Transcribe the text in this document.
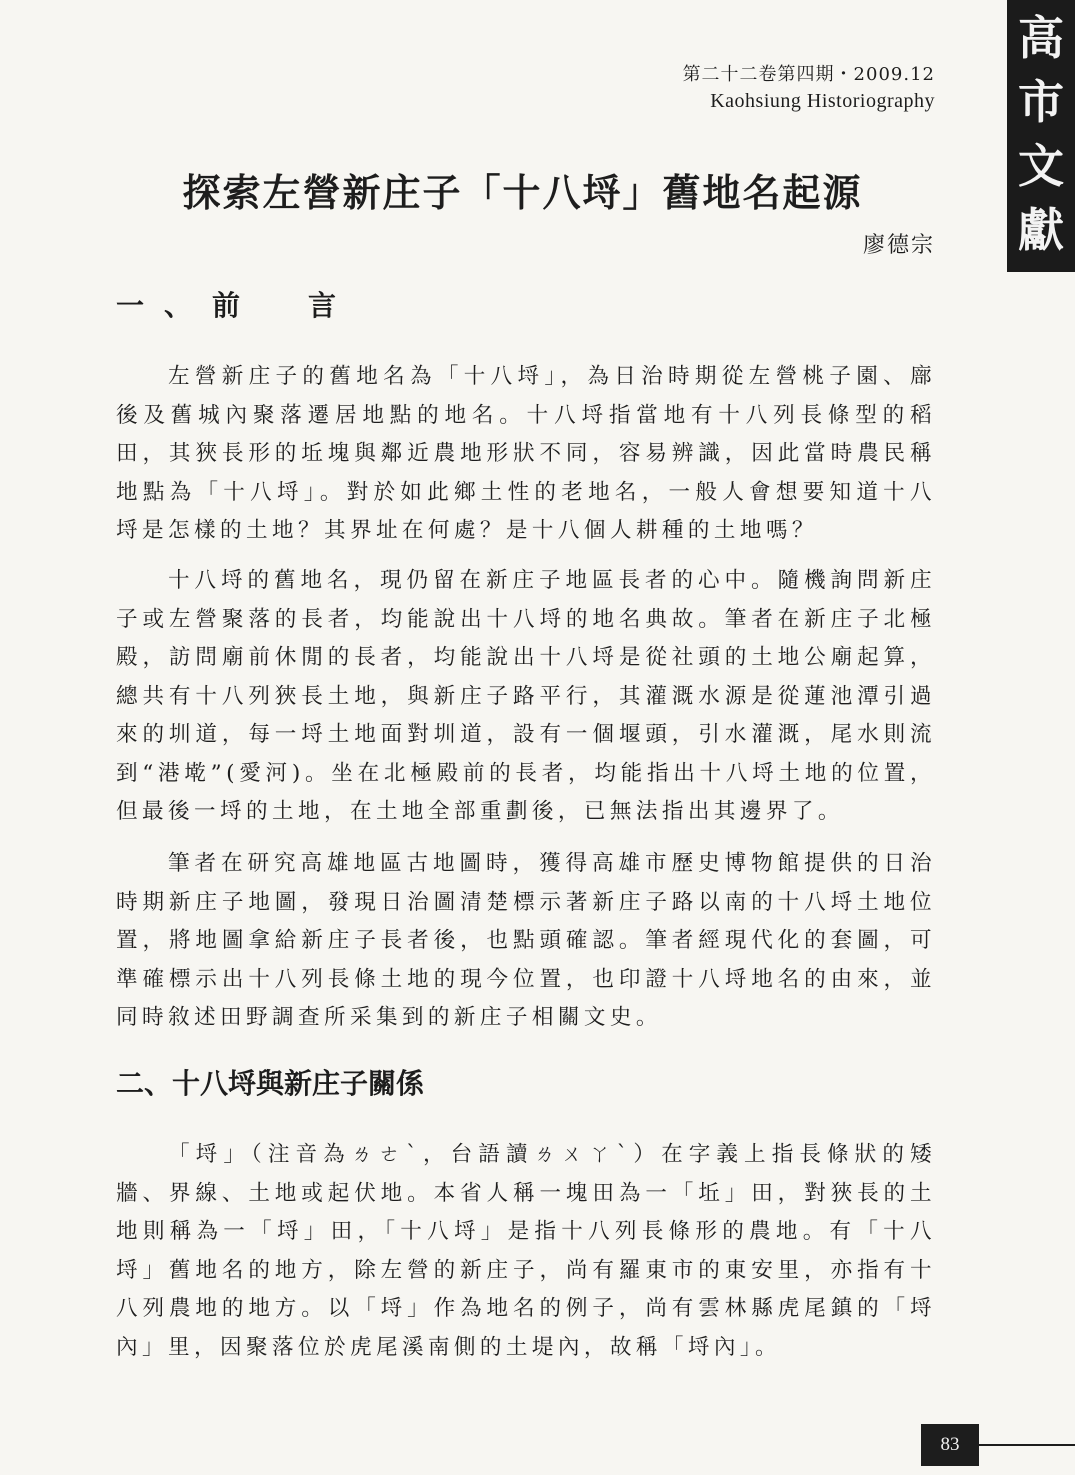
高
市
文
獻
第二十二卷第四期・2009.12
Kaohsiung Historiography
探索左營新庄子「十八埒」舊地名起源
廖德宗
一、前　言

左營新庄子的舊地名為「十八埒」，為日治時期從左營桃子園、廍後及舊城內聚落遷居地點的地名。十八埒指當地有十八列長條型的稻田，其狹長形的坵塊與鄰近農地形狀不同，容易辨識，因此當時農民稱地點為「十八埒」。對於如此鄉土性的老地名，一般人會想要知道十八埒是怎樣的土地？其界址在何處？是十八個人耕種的土地嗎？

十八埒的舊地名，現仍留在新庄子地區長者的心中。隨機詢問新庄子或左營聚落的長者，均能說出十八埒的地名典故。筆者在新庄子北極殿，訪問廟前休閒的長者，均能說出十八埒是從社頭的土地公廟起算，總共有十八列狹長土地，與新庄子路平行，其灌溉水源是從蓮池潭引過來的圳道，每一埒土地面對圳道，設有一個堰頭，引水灌溉，尾水則流到“港墘”(愛河)。坐在北極殿前的長者，均能指出十八埒土地的位置，但最後一埒的土地，在土地全部重劃後，已無法指出其邊界了。

筆者在研究高雄地區古地圖時，獲得高雄市歷史博物館提供的日治時期新庄子地圖，發現日治圖清楚標示著新庄子路以南的十八埒土地位置，將地圖拿給新庄子長者後，也點頭確認。筆者經現代化的套圖，可準確標示出十八列長條土地的現今位置，也印證十八埒地名的由來，並同時敘述田野調查所采集到的新庄子相關文史。

二、十八埒與新庄子關係

「埒」（注音為ㄌㄜˋ，台語讀ㄌㄨㄚˋ）在字義上指長條狀的矮牆、界線、土地或起伏地。本省人稱一塊田為一「坵」田，對狹長的土地則稱為一「埒」田，「十八埒」是指十八列長條形的農地。有「十八埒」舊地名的地方，除左營的新庄子，尚有羅東市的東安里，亦指有十八列農地的地方。以「埒」作為地名的例子，尚有雲林縣虎尾鎮的「埒內」里，因聚落位於虎尾溪南側的土堤內，故稱「埒內」。

83
